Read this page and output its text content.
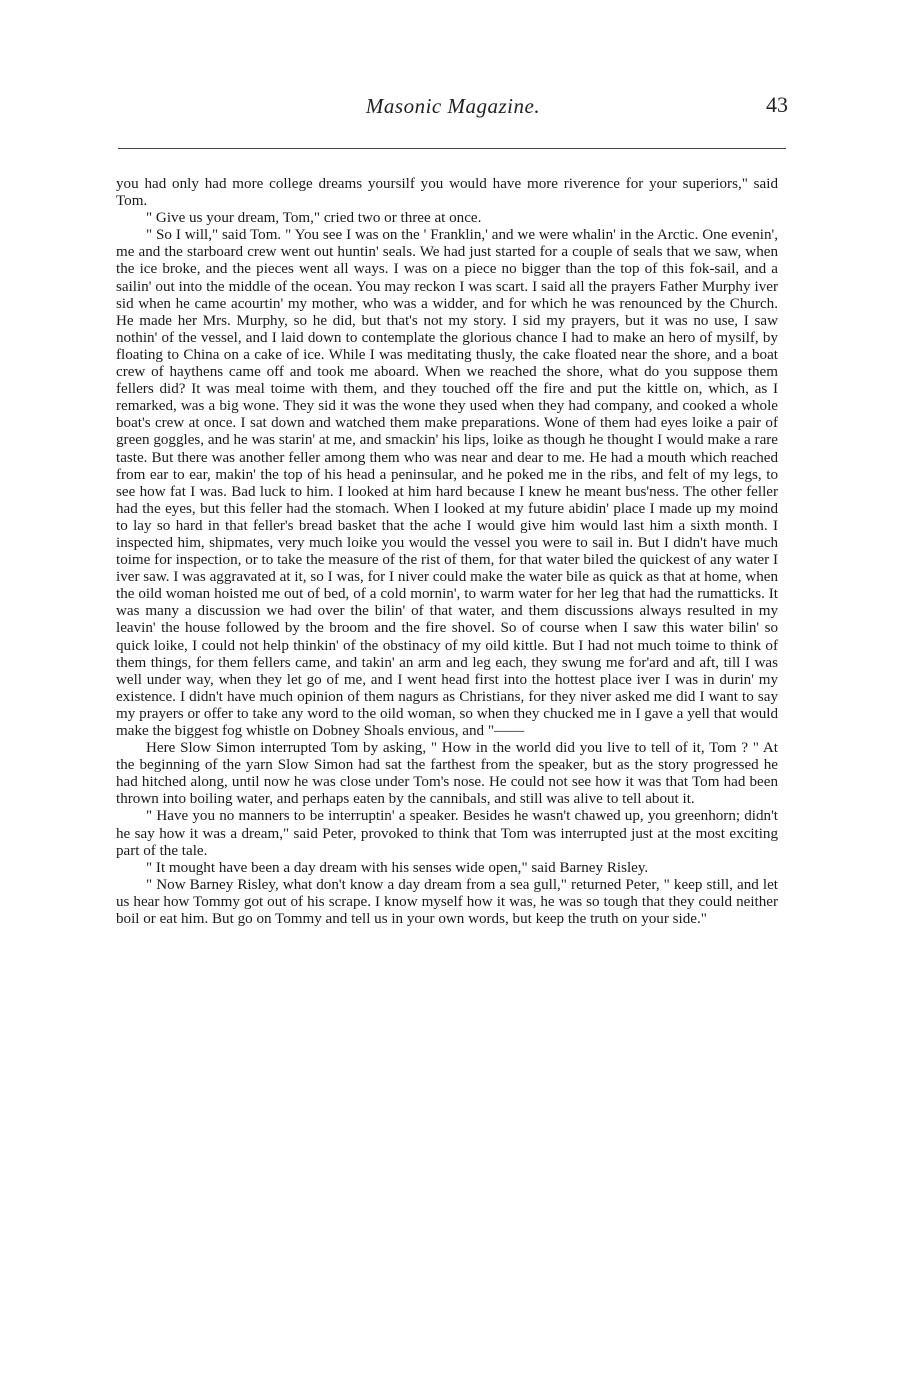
Masonic Magazine.	43

you had only had more college dreams yoursilf you would have more riverence for your superiors," said Tom.

" Give us your dream, Tom," cried two or three at once.

" So I will," said Tom. " You see I was on the ' Franklin,' and we were whalin' in the Arctic. One evenin', me and the starboard crew went out huntin' seals. We had just started for a couple of seals that we saw, when the ice broke, and the pieces went all ways. I was on a piece no bigger than the top of this fok-sail, and a sailin' out into the middle of the ocean. You may reckon I was scart. I said all the prayers Father Murphy iver sid when he came acourtin' my mother, who was a widder, and for which he was renounced by the Church. He made her Mrs. Murphy, so he did, but that's not my story. I sid my prayers, but it was no use, I saw nothin' of the vessel, and I laid down to contemplate the glorious chance I had to make an hero of mysilf, by floating to China on a cake of ice. While I was meditating thusly, the cake floated near the shore, and a boat crew of haythens came off and took me aboard. When we reached the shore, what do you suppose them fellers did? It was meal toime with them, and they touched off the fire and put the kittle on, which, as I remarked, was a big wone. They sid it was the wone they used when they had company, and cooked a whole boat's crew at once. I sat down and watched them make preparations. Wone of them had eyes loike a pair of green goggles, and he was starin' at me, and smackin' his lips, loike as though he thought I would make a rare taste. But there was another feller among them who was near and dear to me. He had a mouth which reached from ear to ear, makin' the top of his head a peninsular, and he poked me in the ribs, and felt of my legs, to see how fat I was. Bad luck to him. I looked at him hard because I knew he meant bus'ness. The other feller had the eyes, but this feller had the stomach. When I looked at my future abidin' place I made up my moind to lay so hard in that feller's bread basket that the ache I would give him would last him a sixth month. I inspected him, shipmates, very much loike you would the vessel you were to sail in. But I didn't have much toime for inspection, or to take the measure of the rist of them, for that water biled the quickest of any water I iver saw. I was aggravated at it, so I was, for I niver could make the water bile as quick as that at home, when the oild woman hoisted me out of bed, of a cold mornin', to warm water for her leg that had the rumatticks. It was many a discussion we had over the bilin' of that water, and them discussions always resulted in my leavin' the house followed by the broom and the fire shovel. So of course when I saw this water bilin' so quick loike, I could not help thinkin' of the obstinacy of my oild kittle. But I had not much toime to think of them things, for them fellers came, and takin' an arm and leg each, they swung me for'ard and aft, till I was well under way, when they let go of me, and I went head first into the hottest place iver I was in durin' my existence. I didn't have much opinion of them nagurs as Christians, for they niver asked me did I want to say my prayers or offer to take any word to the oild woman, so when they chucked me in I gave a yell that would make the biggest fog whistle on Dobney Shoals envious, and "——

Here Slow Simon interrupted Tom by asking, " How in the world did you live to tell of it, Tom ? " At the beginning of the yarn Slow Simon had sat the farthest from the speaker, but as the story progressed he had hitched along, until now he was close under Tom's nose. He could not see how it was that Tom had been thrown into boiling water, and perhaps eaten by the cannibals, and still was alive to tell about it.

" Have you no manners to be interruptin' a speaker. Besides he wasn't chawed up, you greenhorn; didn't he say how it was a dream," said Peter, provoked to think that Tom was interrupted just at the most exciting part of the tale.

" It mought have been a day dream with his senses wide open," said Barney Risley.

" Now Barney Risley, what don't know a day dream from a sea gull," returned Peter, " keep still, and let us hear how Tommy got out of his scrape. I know myself how it was, he was so tough that they could neither boil or eat him. But go on Tommy and tell us in your own words, but keep the truth on your side."
